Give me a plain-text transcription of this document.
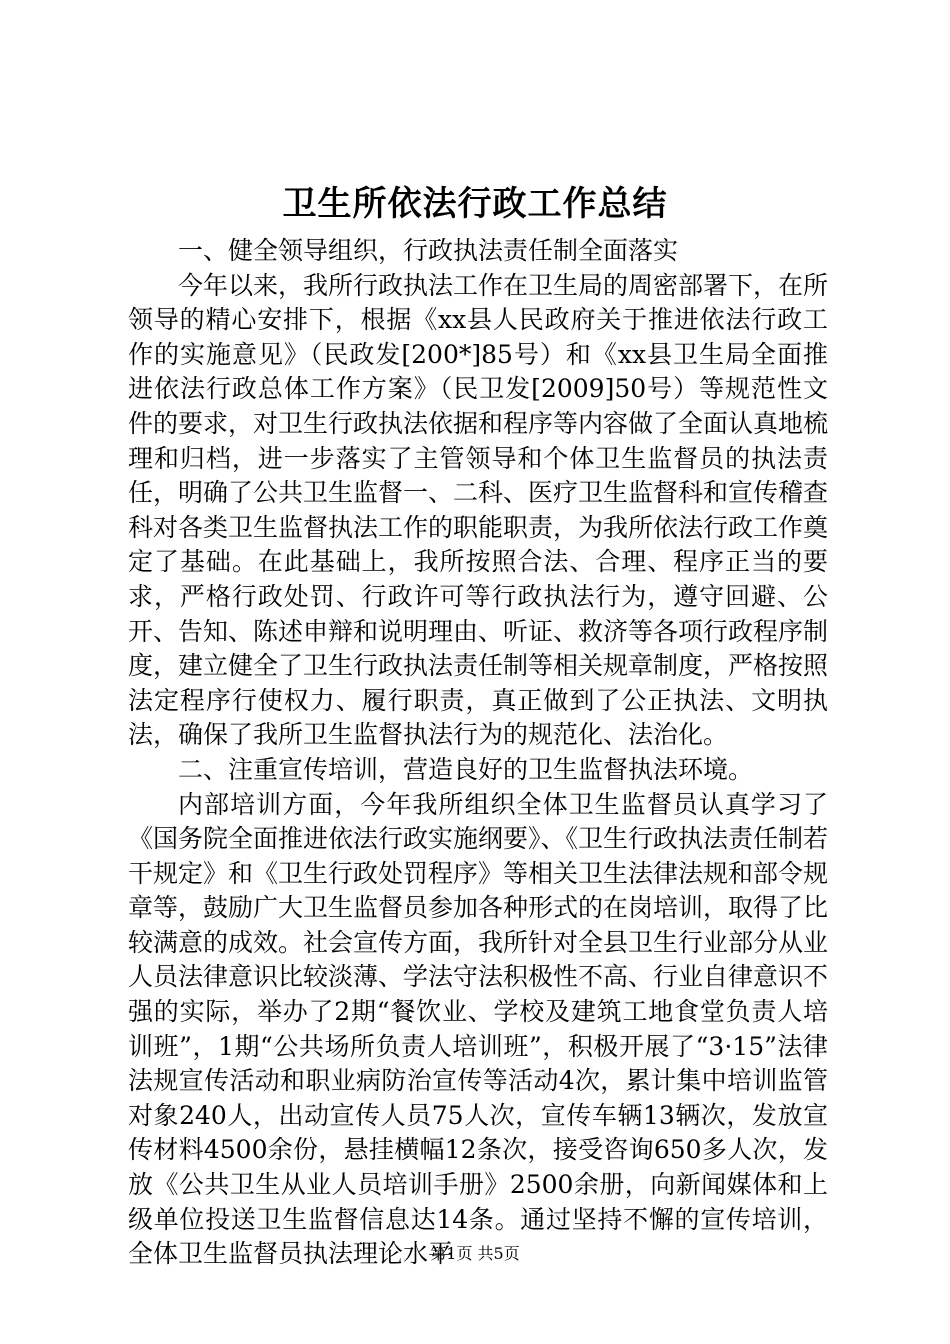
卫生所依法行政工作总结

一、健全领导组织，行政执法责任制全面落实

今年以来，我所行政执法工作在卫生局的周密部署下，在所领导的精心安排下，根据《xx县人民政府关于推进依法行政工作的实施意见》（民政发[200*]85号）和《xx县卫生局全面推进依法行政总体工作方案》（民卫发[2009]50号）等规范性文件的要求，对卫生行政执法依据和程序等内容做了全面认真地梳理和归档，进一步落实了主管领导和个体卫生监督员的执法责任，明确了公共卫生监督一、二科、医疗卫生监督科和宣传稽查科对各类卫生监督执法工作的职能职责，为我所依法行政工作奠定了基础。在此基础上，我所按照合法、合理、程序正当的要求，严格行政处罚、行政许可等行政执法行为，遵守回避、公开、告知、陈述申辩和说明理由、听证、救济等各项行政程序制度，建立健全了卫生行政执法责任制等相关规章制度，严格按照法定程序行使权力、履行职责，真正做到了公正执法、文明执法，确保了我所卫生监督执法行为的规范化、法治化。

二、注重宣传培训，营造良好的卫生监督执法环境。

内部培训方面，今年我所组织全体卫生监督员认真学习了《国务院全面推进依法行政实施纲要》、《卫生行政执法责任制若干规定》和《卫生行政处罚程序》等相关卫生法律法规和部令规章等，鼓励广大卫生监督员参加各种形式的在岗培训，取得了比较满意的成效。社会宣传方面，我所针对全县卫生行业部分从业人员法律意识比较淡薄、学法守法积极性不高、行业自律意识不强的实际，举办了2期“餐饮业、学校及建筑工地食堂负责人培训班”，1期“公共场所负责人培训班”，积极开展了“3·15”法律法规宣传活动和职业病防治宣传等活动4次，累计集中培训监管对象240人，出动宣传人员75人次，宣传车辆13辆次，发放宣传材料4500余份，悬挂横幅12条次，接受咨询650多人次，发放《公共卫生从业人员培训手册》2500余册，向新闻媒体和上级单位投送卫生监督信息达14条。通过坚持不懈的宣传培训，全体卫生监督员执法理论水平

第1页 共5页
